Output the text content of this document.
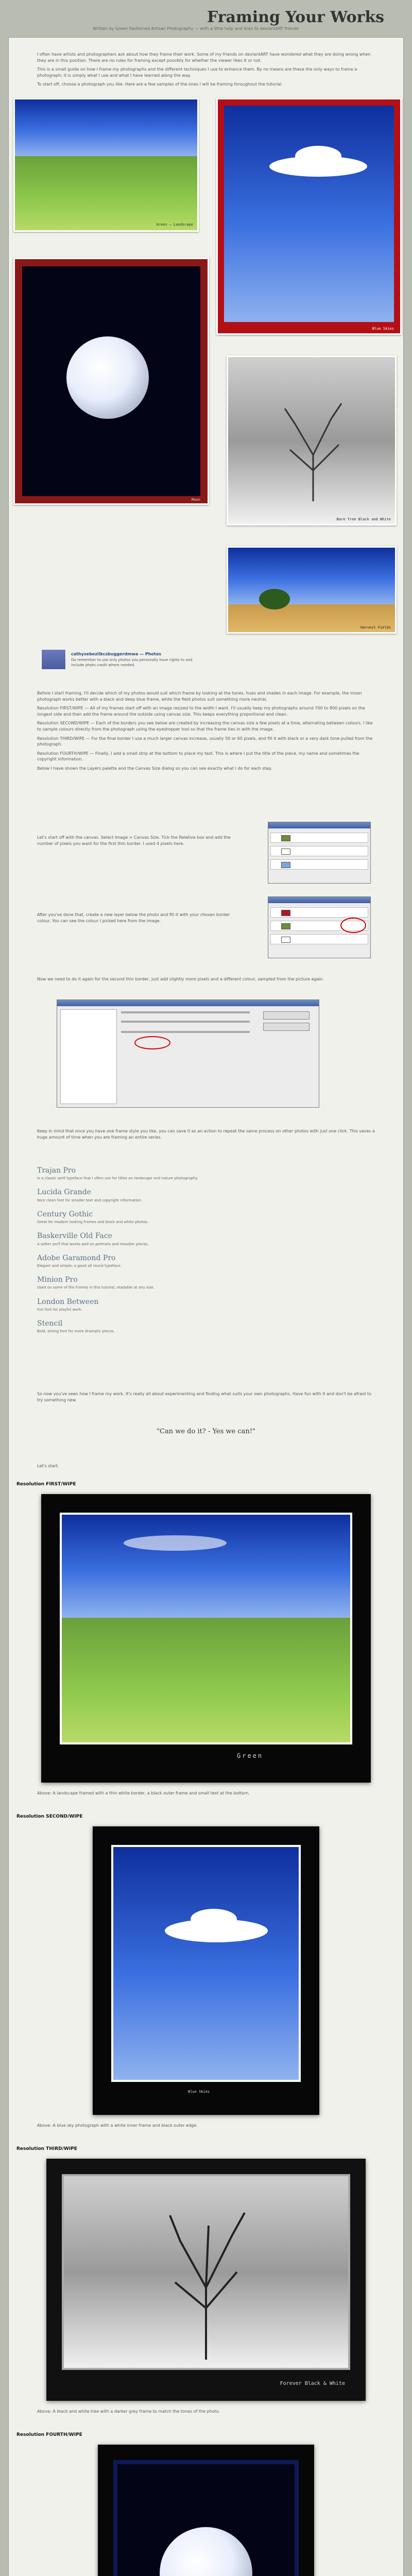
Framing Your Works
Written by Green Fashioned Artisan Photography — with a little help and links to deviantART friends

I often have artists and photographers ask about how they frame their work. Some of my friends on deviantART have wondered what they are doing wrong when they are in this position. There are no rules for framing except possibly for whether the viewer likes it or not.

This is a small guide on how I frame my photographs and the different techniques I use to enhance them. By no means are these the only ways to frame a photograph; it is simply what I use and what I have learned along the way.

To start off, choose a photograph you like. Here are a few samples of the ones I will be framing throughout the tutorial.

Green — Landscape
Blue Skies
Moon
Bare Tree Black and White
Harvest Fields
cathysebezilkcsbuggerdmwa — Photos
Do remember to use only photos you personally have rights to and include photo credit where needed.

Before I start framing, I'll decide which of my photos would suit which frame by looking at the tones, hues and shades in each image. For example, the moon photograph works better with a black and deep blue frame, while the field photos suit something more neutral.

Resolution FIRST/WIPE — All of my frames start off with an image resized to the width I want. I'll usually keep my photographs around 700 to 800 pixels on the longest side and then add the frame around the outside using canvas size. This keeps everything proportional and clean.

Resolution SECOND/WIPE — Each of the borders you see below are created by increasing the canvas size a few pixels at a time, alternating between colours. I like to sample colours directly from the photograph using the eyedropper tool so that the frame ties in with the image.

Resolution THIRD/WIPE — For the final border I use a much larger canvas increase, usually 50 or 60 pixels, and fill it with black or a very dark tone pulled from the photograph.

Resolution FOURTH/WIPE — Finally, I add a small strip at the bottom to place my text. This is where I put the title of the piece, my name and sometimes the copyright information.

Below I have shown the Layers palette and the Canvas Size dialog so you can see exactly what I do for each step.

Let's start off with the canvas. Select Image > Canvas Size. Tick the Relative box and add the number of pixels you want for the first thin border. I used 4 pixels here.
After you've done that, create a new layer below the photo and fill it with your chosen border colour. You can see the colour I picked here from the image.
Now we need to do it again for the second thin border, just add slightly more pixels and a different colour, sampled from the picture again.
Keep in mind that once you have one frame style you like, you can save it as an action to repeat the same process on other photos with just one click. This saves a huge amount of time when you are framing an entire series.
Trajan Pro
Is a classic serif typeface that I often use for titles on landscape and nature photography.
Lucida Grande
Nice clean font for smaller text and copyright information.
Century Gothic
Great for modern looking frames and black and white photos.
Baskerville Old Face
A softer serif that works well on portraits and moodier pieces.
Adobe Garamond Pro
Elegant and simple; a good all round typeface.
Minion Pro
Used on some of the frames in this tutorial, readable at any size.
London Between
Fun font for playful work.
Stencil
Bold, strong font for more dramatic pieces.
So now you've seen how I frame my work. It's really all about experimenting and finding what suits your own photographs. Have fun with it and don't be afraid to try something new.
"Can we do it? - Yes we can!"
Let's start.
Resolution FIRST/WIPE
Green
Above: A landscape framed with a thin white border, a black outer frame and small text at the bottom.
Resolution SECOND/WIPE
Blue Skies
Above: A blue sky photograph with a white inner frame and black outer edge.
Resolution THIRD/WIPE
Forever Black & White
Above: A black and white tree with a darker grey frame to match the tones of the photo.
Resolution FOURTH/WIPE
